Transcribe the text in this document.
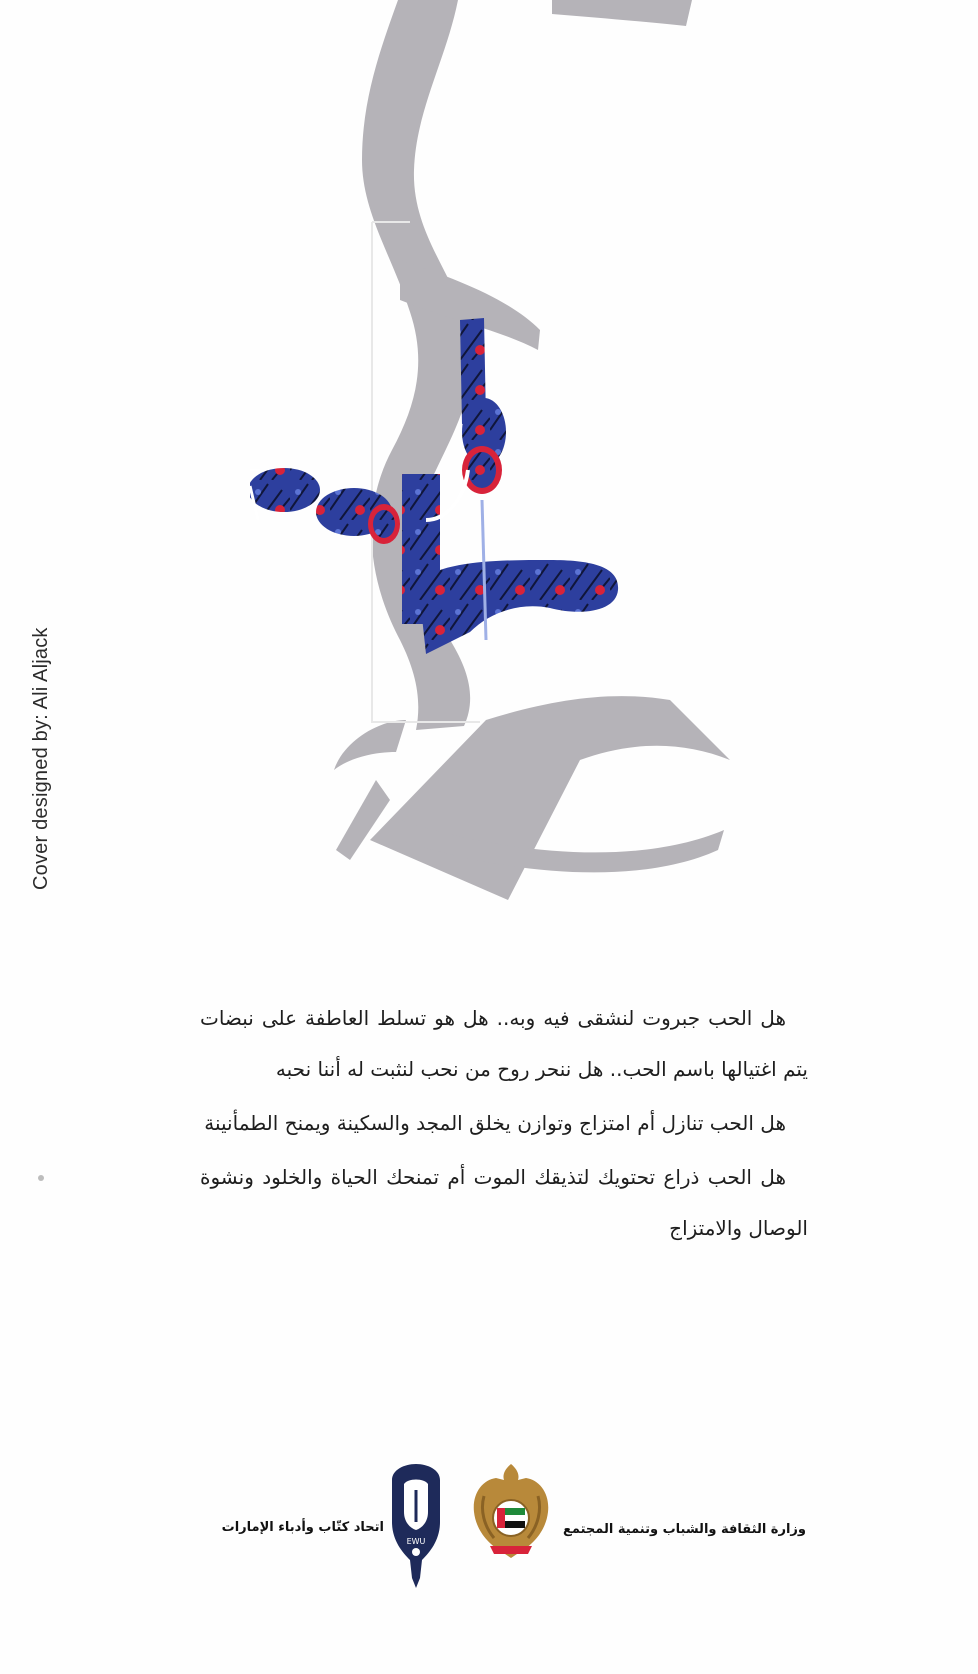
Cover designed by: Ali Aljack

هل الحب جبروت لنشقى فيه وبه.. هل هو تسلط العاطفة على نبضات يتم اغتيالها باسم الحب.. هل ننحر روح من نحب لنثبت له أننا نحبه

هل الحب تنازل أم امتزاج وتوازن يخلق المجد والسكينة ويمنح الطمأنينة

هل الحب ذراع تحتويك لتذيقك الموت أم تمنحك الحياة والخلود ونشوة الوصال والامتزاج

وزارة الثقافة والشباب وتنمية المجتمع
اتحاد كتّاب وأدباء الإمارات
EWU
